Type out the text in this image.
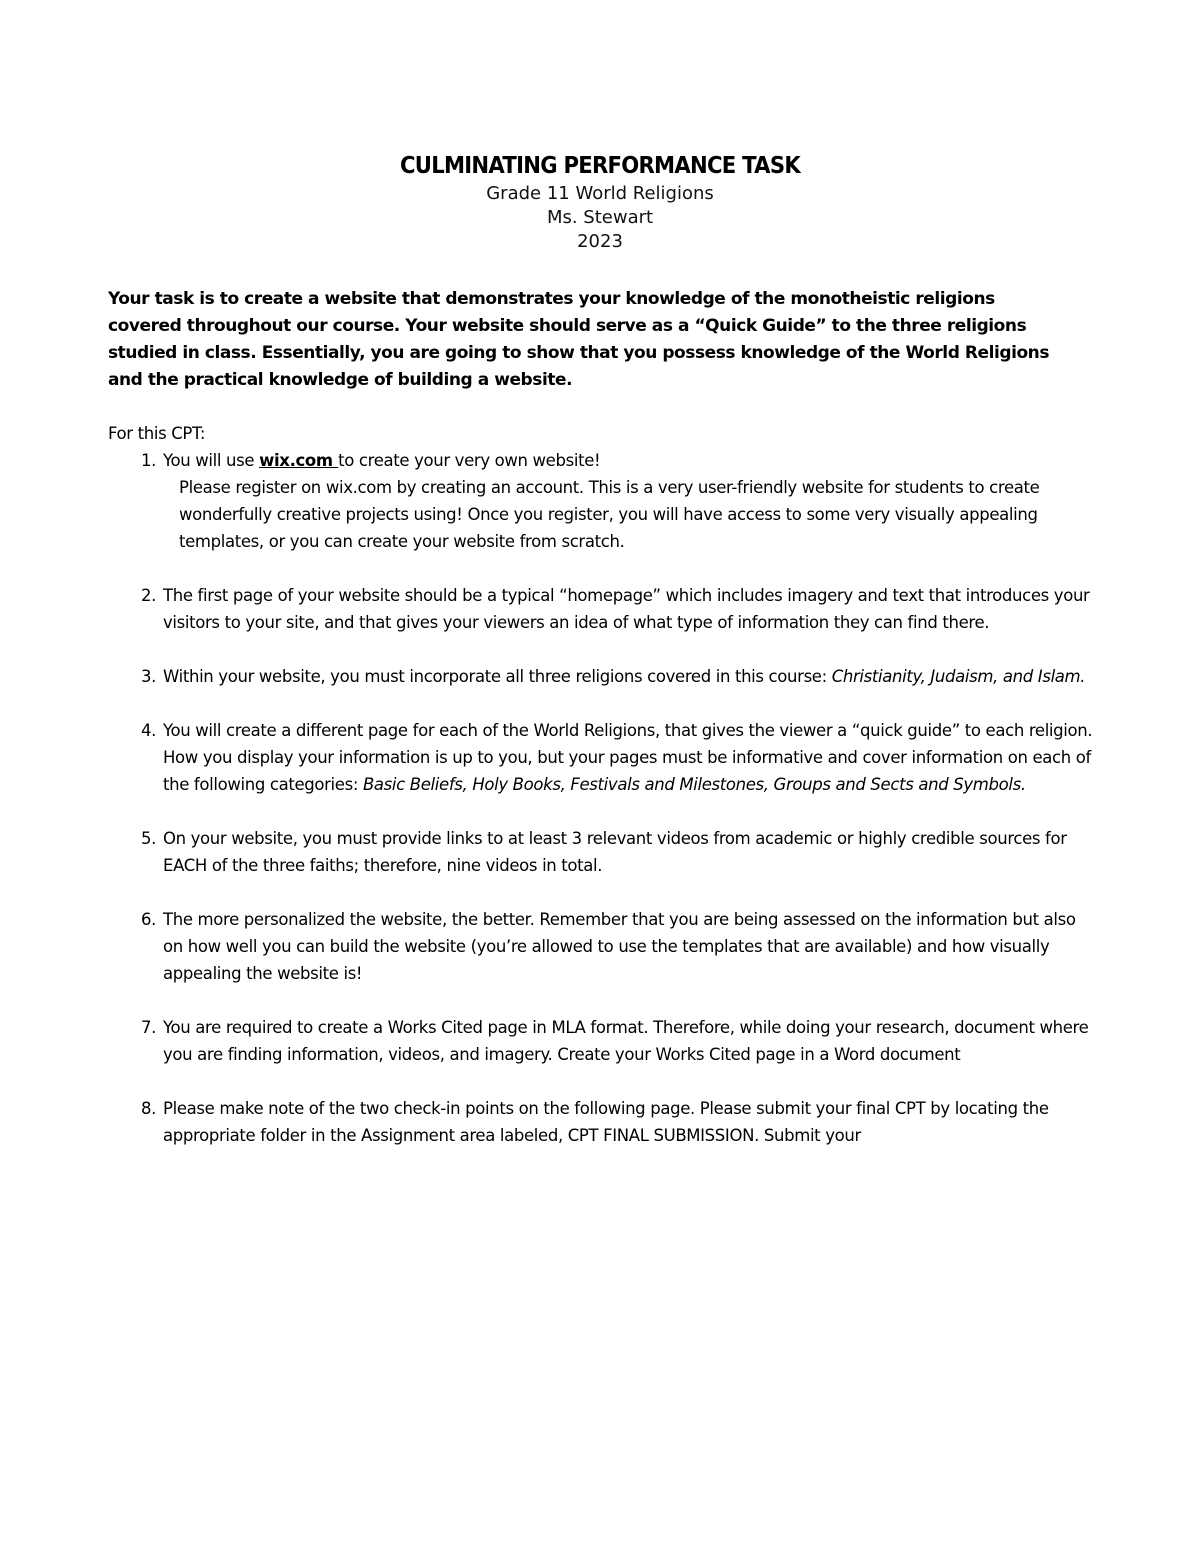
CULMINATING PERFORMANCE TASK

Grade 11 World Religions

Ms. Stewart

2023

Your task is to create a website that demonstrates your knowledge of the monotheistic religions covered throughout our course. Your website should serve as a “Quick Guide” to the three religions studied in class. Essentially, you are going to show that you possess knowledge of the World Religions and the practical knowledge of building a website.

For this CPT:

1. You will use wix.com to create your very own website!

Please register on wix.com by creating an account. This is a very user-friendly website for students to create wonderfully creative projects using! Once you register, you will have access to some very visually appealing templates, or you can create your website from scratch.

2. The first page of your website should be a typical “homepage” which includes imagery and text that introduces your visitors to your site, and that gives your viewers an idea of what type of information they can find there.

3. Within your website, you must incorporate all three religions covered in this course: Christianity, Judaism, and Islam.

4. You will create a different page for each of the World Religions, that gives the viewer a “quick guide” to each religion. How you display your information is up to you, but your pages must be informative and cover information on each of the following categories: Basic Beliefs, Holy Books, Festivals and Milestones, Groups and Sects and Symbols.

5. On your website, you must provide links to at least 3 relevant videos from academic or highly credible sources for EACH of the three faiths; therefore, nine videos in total.

6. The more personalized the website, the better. Remember that you are being assessed on the information but also on how well you can build the website (you’re allowed to use the templates that are available) and how visually appealing the website is!

7. You are required to create a Works Cited page in MLA format. Therefore, while doing your research, document where you are finding information, videos, and imagery. Create your Works Cited page in a Word document

8. Please make note of the two check-in points on the following page. Please submit your final CPT by locating the appropriate folder in the Assignment area labeled, CPT FINAL SUBMISSION. Submit your
